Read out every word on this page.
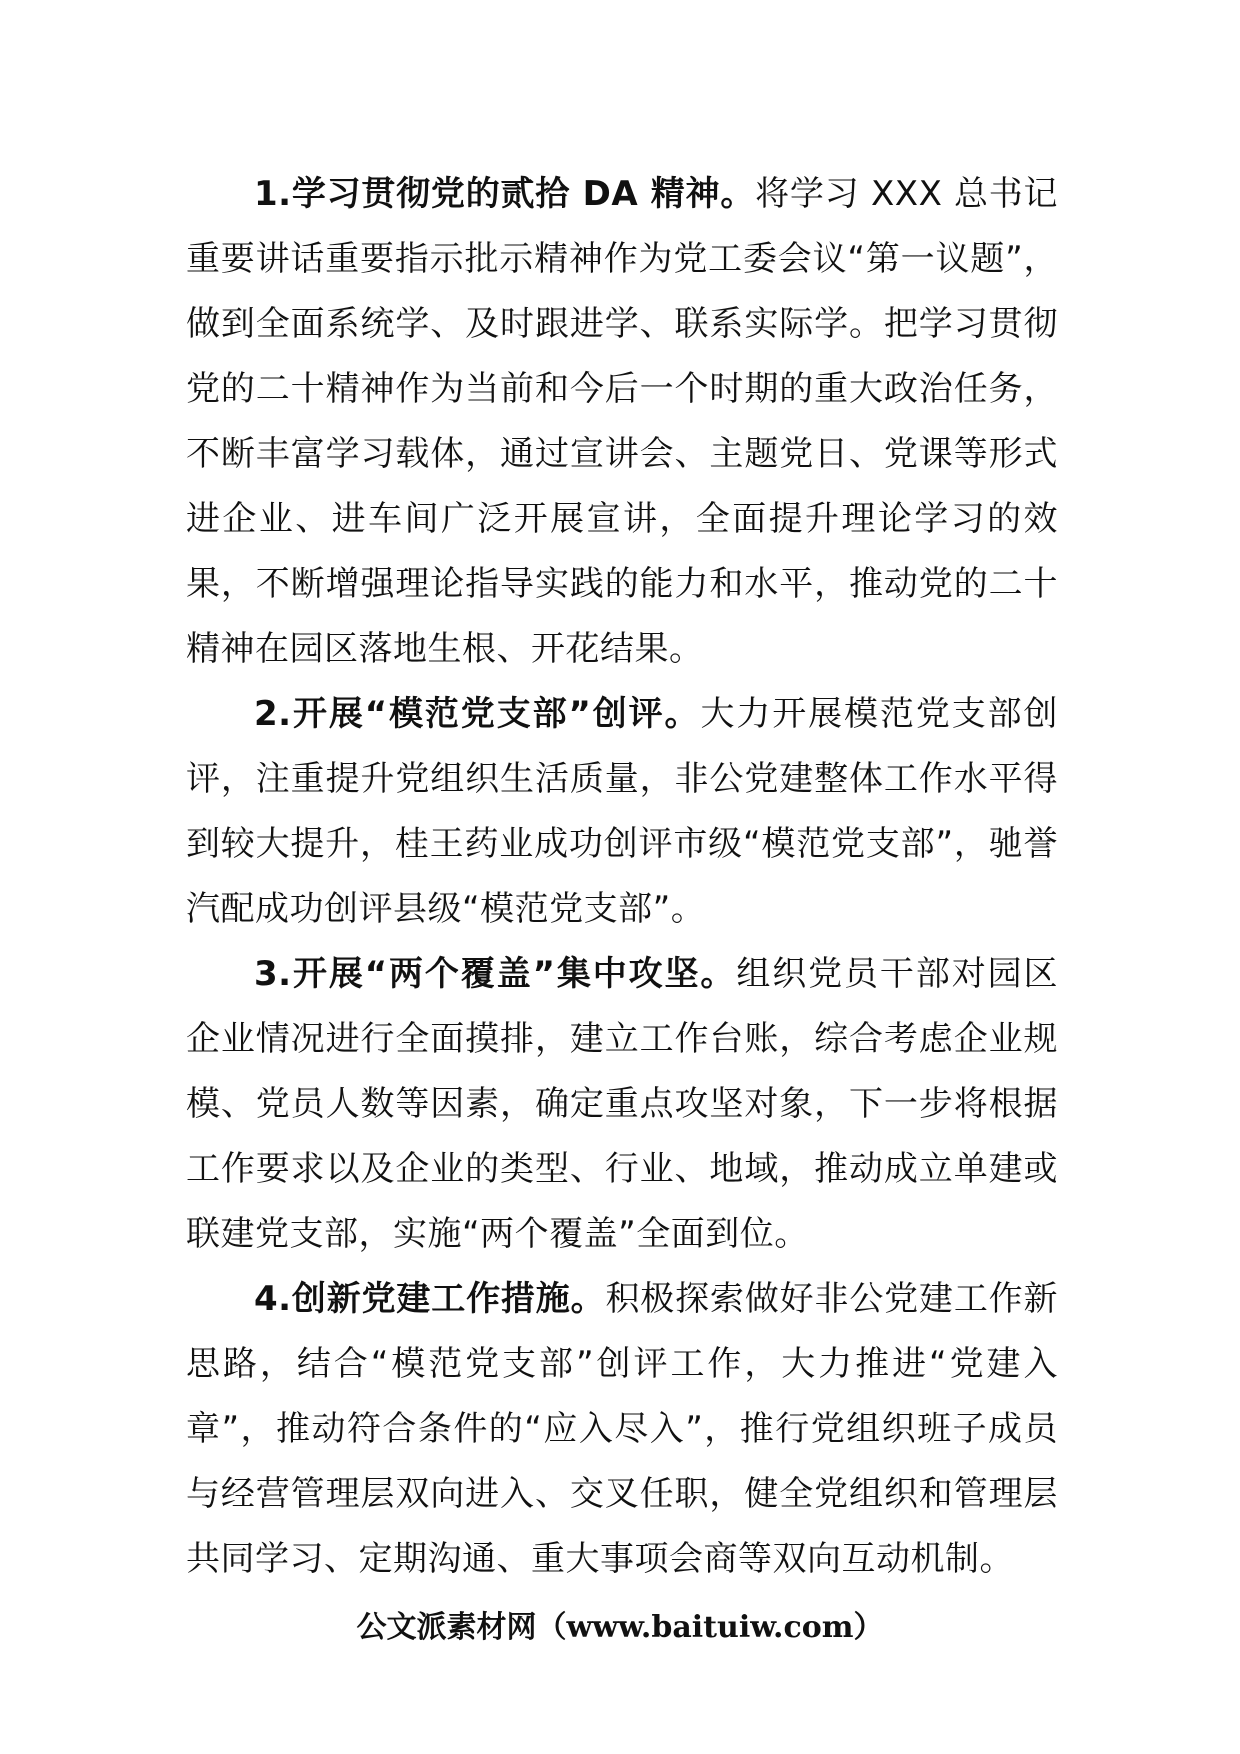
1.学习贯彻党的贰拾 DA 精神。将学习 XXX 总书记重要讲话重要指示批示精神作为党工委会议“第一议题”，做到全面系统学、及时跟进学、联系实际学。把学习贯彻党的二十精神作为当前和今后一个时期的重大政治任务，不断丰富学习载体，通过宣讲会、主题党日、党课等形式进企业、进车间广泛开展宣讲，全面提升理论学习的效果，不断增强理论指导实践的能力和水平，推动党的二十精神在园区落地生根、开花结果。

2.开展“模范党支部”创评。大力开展模范党支部创评，注重提升党组织生活质量，非公党建整体工作水平得到较大提升，桂王药业成功创评市级“模范党支部”，驰誉汽配成功创评县级“模范党支部”。

3.开展“两个覆盖”集中攻坚。组织党员干部对园区企业情况进行全面摸排，建立工作台账，综合考虑企业规模、党员人数等因素，确定重点攻坚对象，下一步将根据工作要求以及企业的类型、行业、地域，推动成立单建或联建党支部，实施“两个覆盖”全面到位。

4.创新党建工作措施。积极探索做好非公党建工作新思路，结合“模范党支部”创评工作，大力推进“党建入章”，推动符合条件的“应入尽入”，推行党组织班子成员与经营管理层双向进入、交叉任职，健全党组织和管理层共同学习、定期沟通、重大事项会商等双向互动机制。

公文派素材网（www.baituiw.com）
